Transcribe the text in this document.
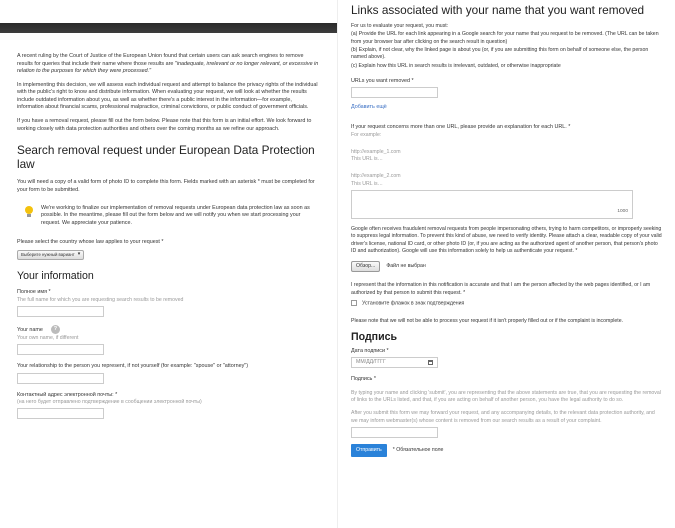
A recent ruling by the Court of Justice of the European Union found that certain users can ask search engines to remove results for queries that include their name where those results are "inadequate, irrelevant or no longer relevant, or excessive in relation to the purposes for which they were processed."

In implementing this decision, we will assess each individual request and attempt to balance the privacy rights of the individual with the public's right to know and distribute information. When evaluating your request, we will look at whether the results include outdated information about you, as well as whether there's a public interest in the information—for example, information about financial scams, professional malpractice, criminal convictions, or public conduct of government officials.

If you have a removal request, please fill out the form below. Please note that this form is an initial effort. We look forward to working closely with data protection authorities and others over the coming months as we refine our approach.

Search removal request under European Data Protection law

You will need a copy of a valid form of photo ID to complete this form. Fields marked with an asterisk * must be completed for your form to be submitted.

We're working to finalize our implementation of removal requests under European data protection law as soon as possible. In the meantime, please fill out the form below and we will notify you when we start processing your request. We appreciate your patience.
Please select the country whose law applies to your request *
Выберите нужный вариант
▾
Your information
Полное имя *
The full name for which you are requesting search results to be removed
Your name ?
Your own name, if different
Your relationship to the person you represent, if not yourself (for example: "spouse" or "attorney")
Контактный адрес электронной почты: *
(на него будет отправлено подтверждение в сообщении электронной почты)
Links associated with your name that you want removed
For us to evaluate your request, you must:
(a) Provide the URL for each link appearing in a Google search for your name that you request to be removed. (The URL can be taken from your browser bar after clicking on the search result in question)
(b) Explain, if not clear, why the linked page is about you (or, if you are submitting this form on behalf of someone else, the person named above).
(c) Explain how this URL in search results is irrelevant, outdated, or otherwise inappropriate
URLs you want removed *
Добавить ещё
If your request concerns more than one URL, please provide an explanation for each URL. *
For example:
http://example_1.com
This URL is…
http://example_2.com
This URL is…
1000

Google often receives fraudulent removal requests from people impersonating others, trying to harm competitors, or improperly seeking to suppress legal information. To prevent this kind of abuse, we need to verify identity. Please attach a clear, readable copy of your valid driver's license, national ID card, or other photo ID (or, if you are acting as the authorized agent of another person, that person's photo ID and authorization). Google will use this information solely to help us authenticate your request. *

Обзор... Файл не выбран

I represent that the information in this notification is accurate and that I am the person affected by the web pages identified, or I am authorized by that person to submit this request. *

Установите флажок в знак подтверждения

Please note that we will not be able to process your request if it isn't properly filled out or if the complaint is incomplete.

Подпись
Дата подписи *
ММ/ДД/ГГГГ
Подпись *

By typing your name and clicking 'submit', you are representing that the above statements are true, that you are requesting the removal of links to the URLs listed, and that, if you are acting on behalf of another person, you have the legal authority to do so.

After you submit this form we may forward your request, and any accompanying details, to the relevant data protection authority, and we may inform webmaster(s) whose content is removed from our search results as a result of your complaint.

Отправить	* Обязательное поле
